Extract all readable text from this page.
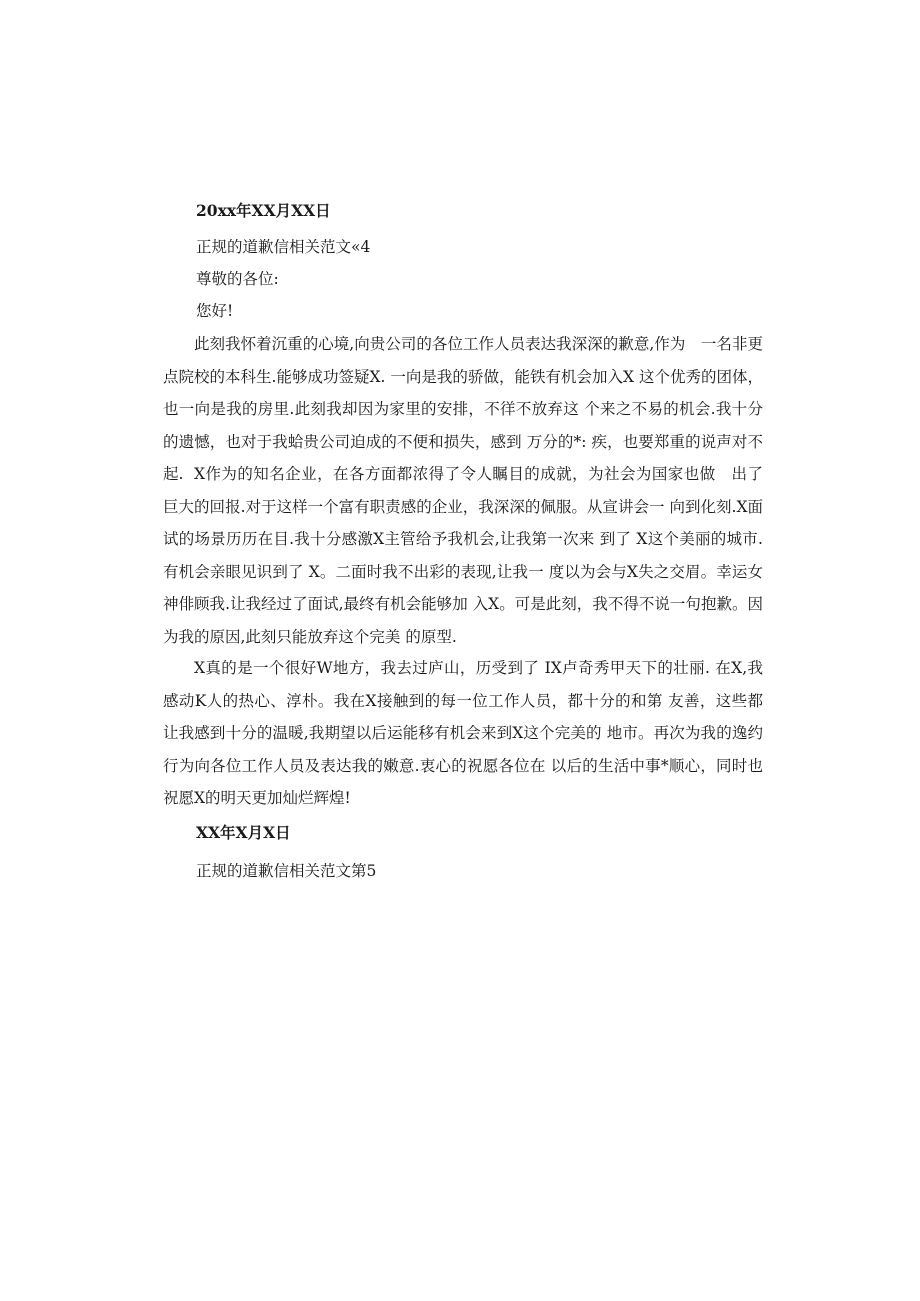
20xx年XX月XX日
正规的道歉信相关范文«4
尊敬的各位:
您好!
此刻我怀着沉重的心境,向贵公司的各位工作人员表达我深深的歉意,作为　一名非更点院校的本科生.能够成功签疑X. 一向是我的骄做，能铁有机会加入X 这个优秀的团体，也一向是我的房里.此刻我却因为家里的安排，不徉不放弃这 个来之不易的机会.我十分的遗憾，也对于我蛤贵公司迫成的不便和损失，感到 万分的*: 疾，也要郑重的说声对不起. X作为的知名企业，在各方面都浓得了令人瞩目的成就，为社会为国家也做　出了巨大的回报.对于这样一个富有职责感的企业，我深深的佩服。从宣讲会一 向到化刻.X面试的场景历历在目.我十分感激X主管给予我机会,让我第一次来 到了 X这个美丽的城市.有机会亲眼见识到了 X。二面时我不出彩的表现,让我一 度以为会与X失之交眉。幸运女神俳顾我.让我经过了面试,最终有机会能够加 入X。可是此刻，我不得不说一句抱歉。因为我的原因,此刻只能放弃这个完美 的原型.
X真的是一个很好W地方，我去过庐山，历受到了 IX卢奇秀甲天下的壮丽. 在X,我感动K人的热心、淳朴。我在X接触到的每一位工作人员，都十分的和第 友善，这些都让我感到十分的温暖,我期望以后运能移有机会来到X这个完美的 地市。再次为我的逸约行为向各位工作人员及表达我的嫩意.衷心的祝愿各位在 以后的生活中事*顺心，同时也祝愿X的明天更加灿烂辉煌!
XX年X月X日
正规的道歉信相关范文第5
